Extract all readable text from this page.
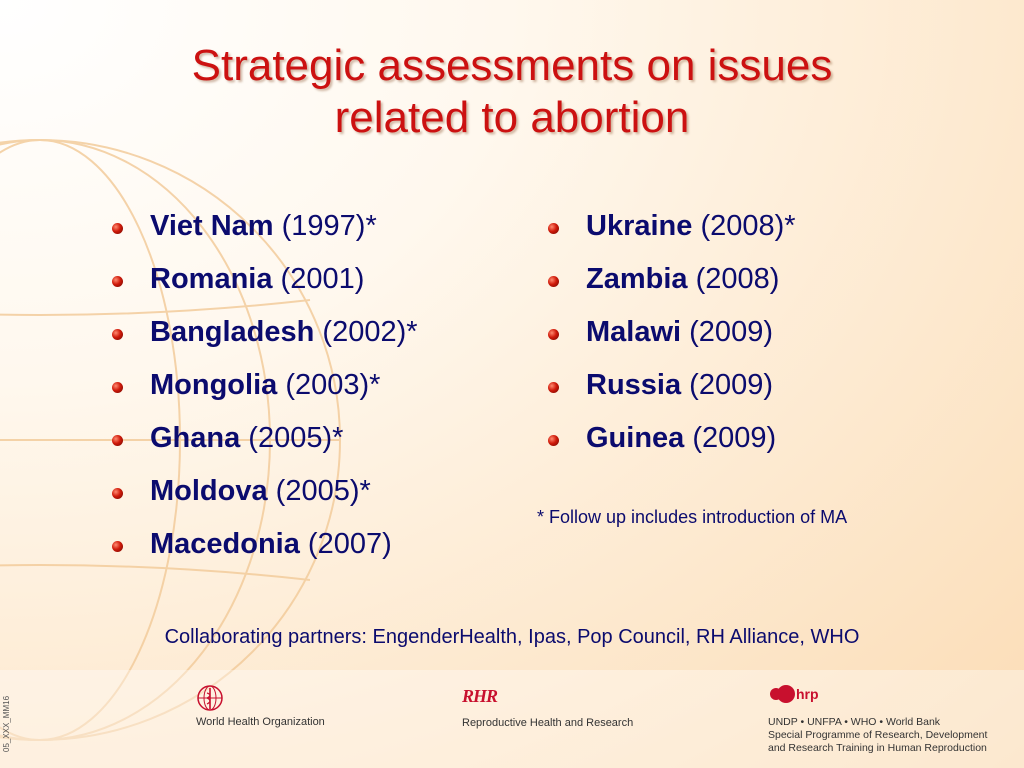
Strategic assessments on issues
related to abortion
Viet Nam (1997)*
Romania (2001)
Bangladesh (2002)*
Mongolia (2003)*
Ghana (2005)*
Moldova (2005)*
Macedonia (2007)
Ukraine (2008)*
Zambia (2008)
Malawi (2009)
Russia (2009)
Guinea (2009)
* Follow up includes introduction of MA
Collaborating partners: EngenderHealth, Ipas, Pop Council, RH Alliance, WHO
05_XXX_MM16	World Health Organization
RHR
Reproductive Health and Research
hrp
UNDP • UNFPA • WHO • World Bank
Special Programme of Research, Development
and Research Training in Human Reproduction
